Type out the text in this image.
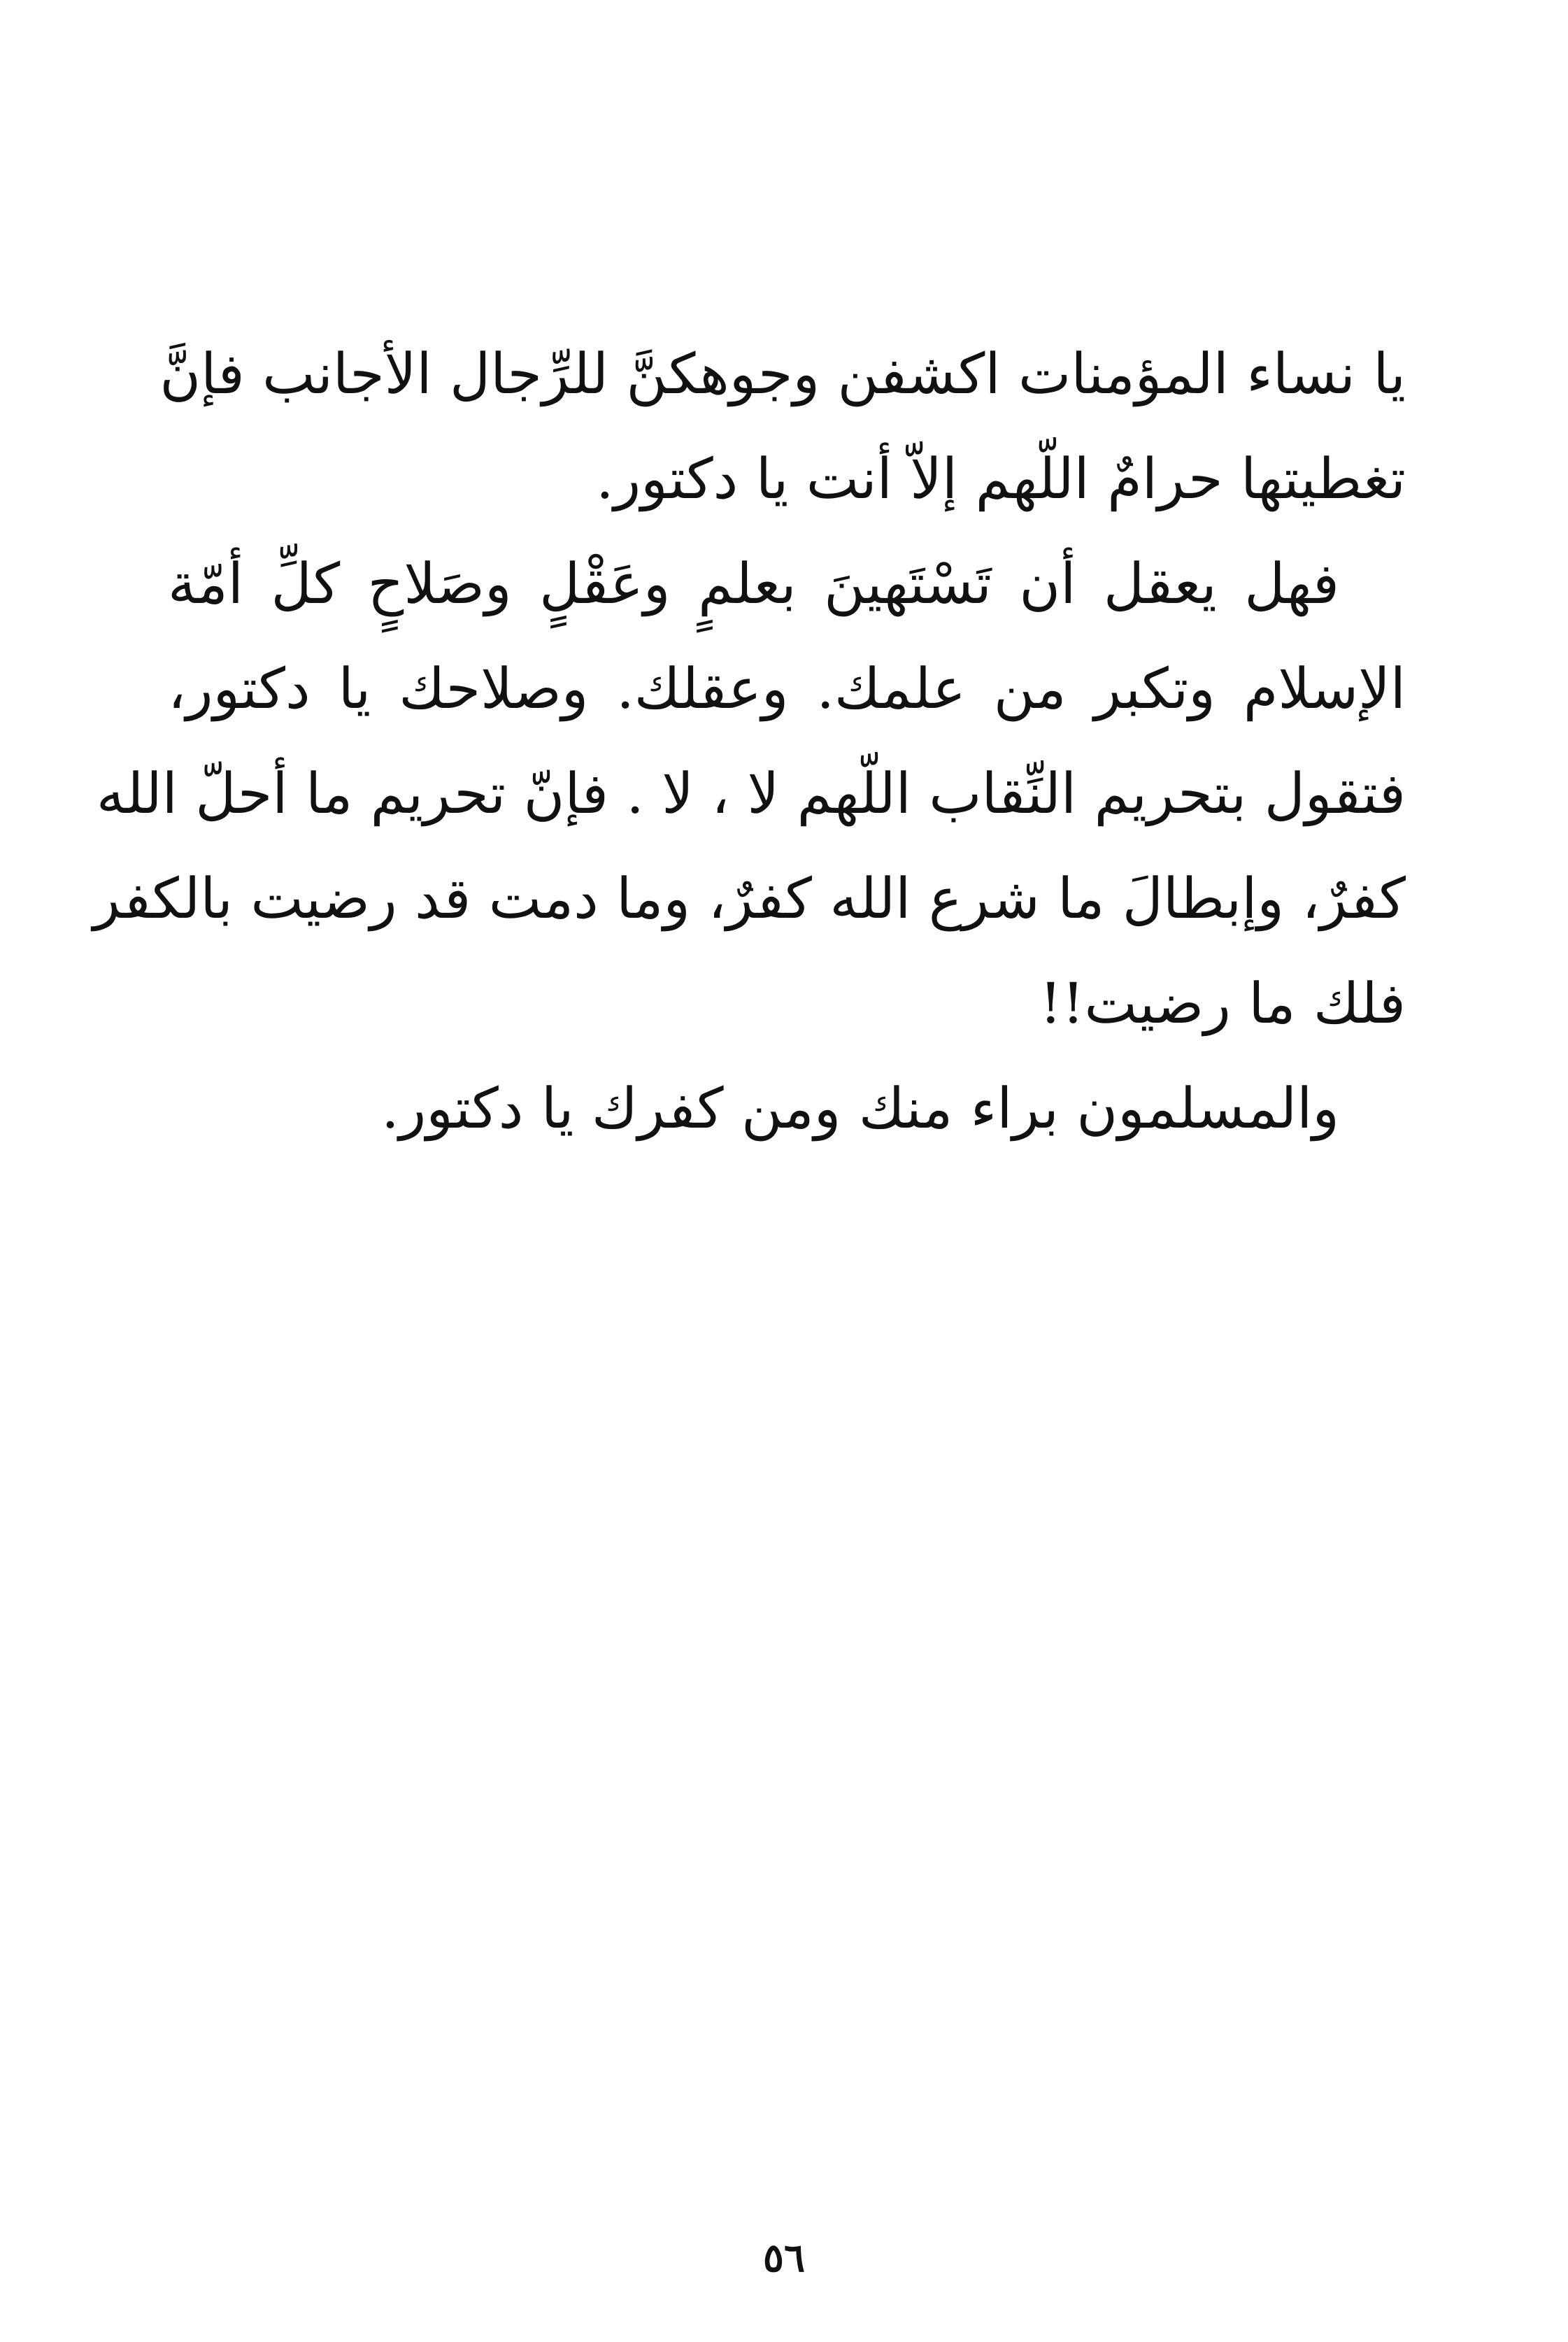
يا نساء المؤمنات اكشفن وجوهكنَّ للرِّجال الأجانب فإنَّ
تغطيتها حرامٌ اللّهم إلاّ أنت يا دكتور.
فهل يعقل أن تَسْتَهينَ بعلمٍ وعَقْلٍ وصَلاحٍ كلِّ أمّة
الإسلام وتكبر من علمك. وعقلك. وصلاحك يا دكتور،
فتقول بتحريم النِّقاب اللّهم لا ، لا . فإنّ تحريم ما أحلّ الله
كفرٌ، وإبطالَ ما شرع الله كفرٌ، وما دمت قد رضيت بالكفر
فلك ما رضيت!!
والمسلمون براء منك ومن كفرك يا دكتور.
٥٦
